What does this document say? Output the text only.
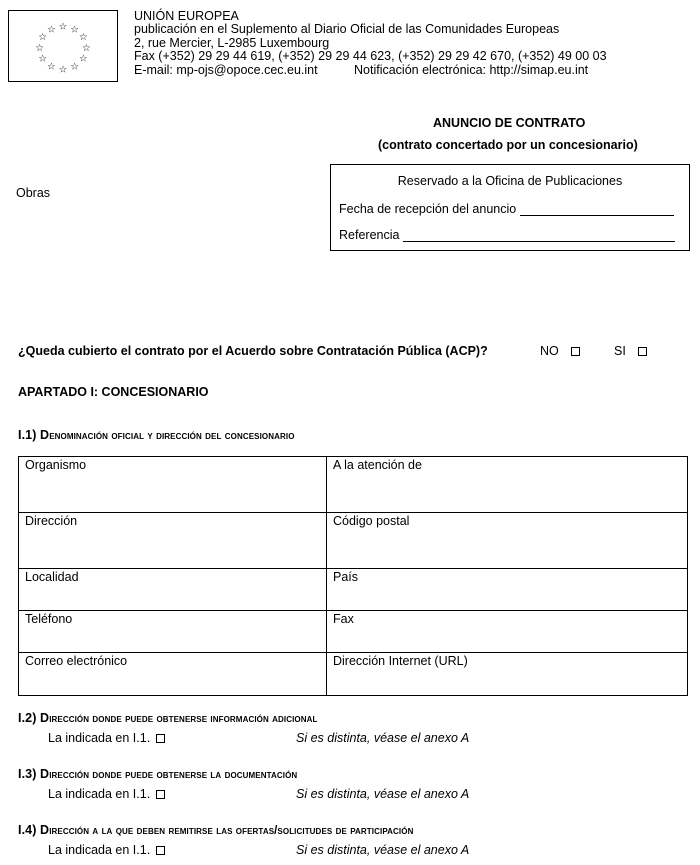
☆ ☆
☆
☆
☆
☆
☆
☆
☆
☆
☆
☆
UNIÓN EUROPEA
publicación en el Suplemento al Diario Oficial de las Comunidades Europeas
2, rue Mercier, L-2985 Luxembourg
Fax (+352) 29 29 44 619, (+352) 29 29 44 623, (+352) 29 29 42 670, (+352) 49 00 03
E-mail: mp-ojs@opoce.cec.eu.int	Notificación electrónica: http://simap.eu.int
ANUNCIO DE CONTRATO
(contrato concertado por un concesionario)
Obras
Reservado a la Oficina de Publicaciones
Fecha de recepción del anuncio
Referencia
¿Queda cubierto el contrato por el Acuerdo sobre Contratación Pública (ACP)?	NO	SI
APARTADO I: CONCESIONARIO
I.1) Denominación oficial y dirección del concesionario
Organismo	A la atención de
Dirección	Código postal
Localidad	País
Teléfono	Fax
Correo electrónico	Dirección Internet (URL)
I.2) Dirección donde puede obtenerse información adicional
La indicada en I.1.	Si es distinta, véase el anexo A
I.3) Dirección donde puede obtenerse la documentación
La indicada en I.1.	Si es distinta, véase el anexo A
I.4) Dirección a la que deben remitirse las ofertas/solicitudes de participación
La indicada en I.1.	Si es distinta, véase el anexo A
